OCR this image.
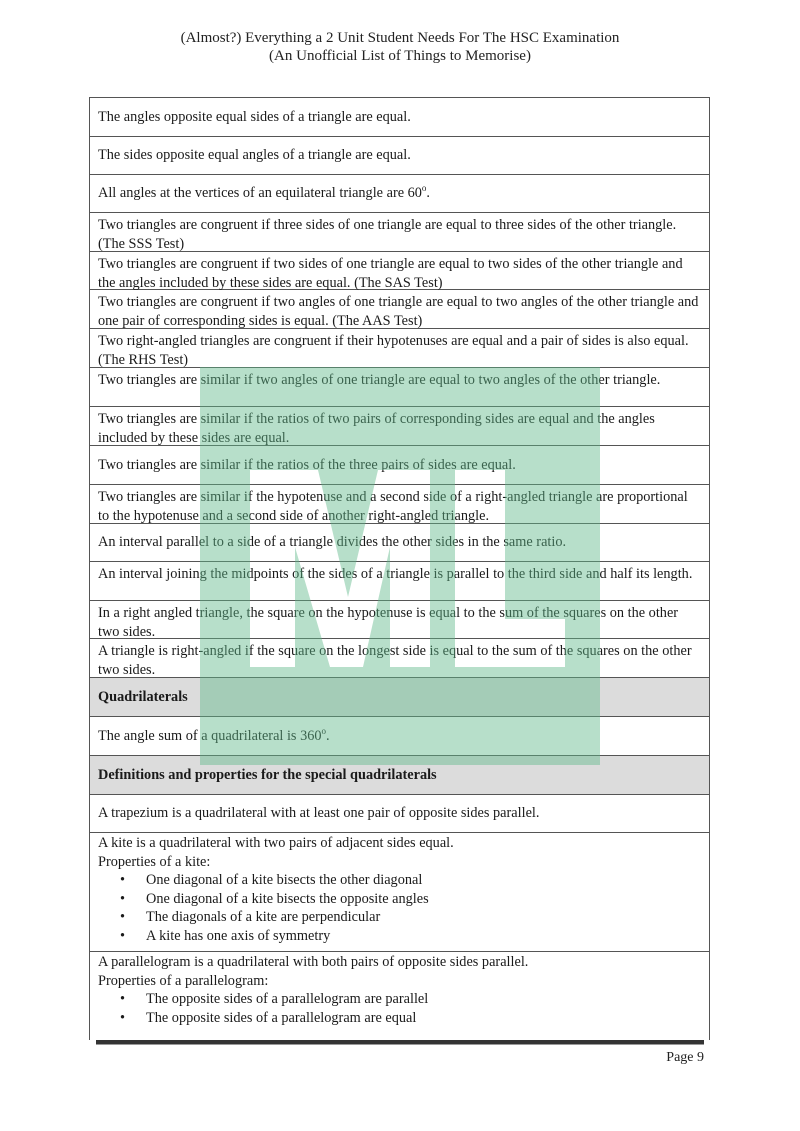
(Almost?) Everything a 2 Unit Student Needs For The HSC Examination
(An Unofficial List of Things to Memorise)
The angles opposite equal sides of a triangle are equal.
The sides opposite equal angles of a triangle are equal.
All angles at the vertices of an equilateral triangle are 60$^o$.
Two triangles are congruent if three sides of one triangle are equal to three sides of the other triangle. (The SSS Test)
Two triangles are congruent if two sides of one triangle are equal to two sides of the other triangle and the angles included by these sides are equal. (The SAS Test)
Two triangles are congruent if two angles of one triangle are equal to two angles of the other triangle and one pair of corresponding sides is equal. (The AAS Test)
Two right-angled triangles are congruent if their hypotenuses are equal and a pair of sides is also equal. (The RHS Test)
Two triangles are similar if two angles of one triangle are equal to two angles of the other triangle.
Two triangles are similar if the ratios of two pairs of corresponding sides are equal and the angles included by these sides are equal.
Two triangles are similar if the ratios of the three pairs of sides are equal.
Two triangles are similar if the hypotenuse and a second side of a right-angled triangle are proportional to the hypotenuse and a second side of another right-angled triangle.
An interval parallel to a side of a triangle divides the other sides in the same ratio.
An interval joining the midpoints of the sides of a triangle is parallel to the third side and half its length.
In a right angled triangle, the square on the hypotenuse is equal to the sum of the squares on the other two sides.
A triangle is right-angled if the square on the longest side is equal to the sum of the squares on the other two sides.
Quadrilaterals
The angle sum of a quadrilateral is 360$^o$.
Definitions and properties for the special quadrilaterals
A trapezium is a quadrilateral with at least one pair of opposite sides parallel.
A kite is a quadrilateral with two pairs of adjacent sides equal.
Properties of a kite:
• One diagonal of a kite bisects the other diagonal
• One diagonal of a kite bisects the opposite angles
• The diagonals of a kite are perpendicular
• A kite has one axis of symmetry
A parallelogram is a quadrilateral with both pairs of opposite sides parallel.
Properties of a parallelogram:
• The opposite sides of a parallelogram are parallel
• The opposite sides of a parallelogram are equal
Page 9
